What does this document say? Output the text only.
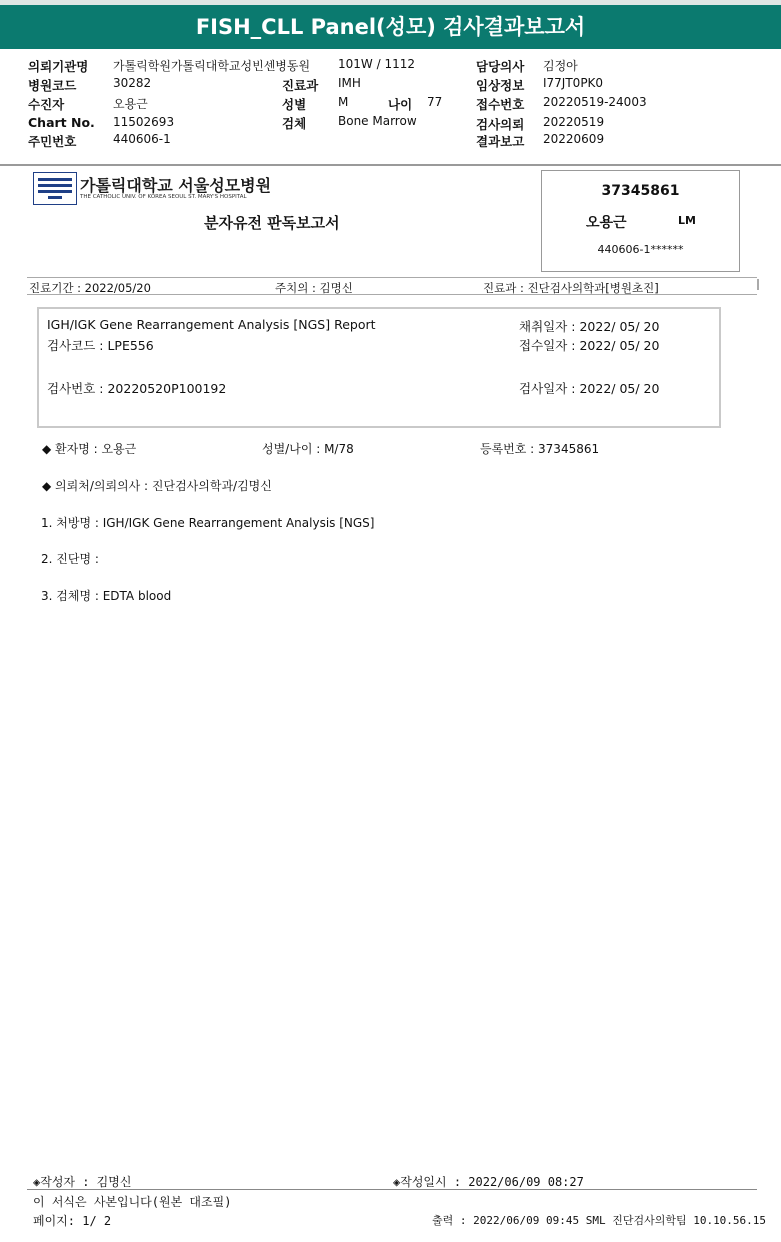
FISH_CLL Panel(성모) 검사결과보고서
의뢰기관명 가톨릭학원가톨릭대학교성빈센병동원 101W / 1112	담당의사 김정아
병원코드	30282	진료과 IMH	임상정보 I77JT0PK0
수진자	오용근	성별	M	나이 77	접수번호 20220519-24003
Chart No. 11502693	검체	Bone Marrow	검사의뢰 20220519
주민번호	440606-1	결과보고 20220609
가톨릭대학교 서울성모병원
THE CATHOLIC UNIV. OF KOREA SEOUL ST. MARY'S HOSPITAL
분자유전 판독보고서
37345861
오용근	LM
440606-1******
진료기간 : 2022/05/20	주치의 : 김명신	진료과 : 진단검사의학과[병원초진]
IGH/IGK Gene Rearrangement Analysis [NGS] Report	채취일자 : 2022/ 05/ 20
검사코드 : LPE556	접수일자 : 2022/ 05/ 20
검사번호 : 20220520P100192	검사일자 : 2022/ 05/ 20
◆ 환자명 : 오용근	성별/나이 : M/78	등록번호 : 37345861
◆ 의뢰처/의뢰의사 : 진단검사의학과/김명신
1. 처방명 : IGH/IGK Gene Rearrangement Analysis [NGS]
2. 진단명 :
3. 검체명 : EDTA blood
◈작성자 : 김명신	◈작성일시 : 2022/06/09 08:27
이 서식은 사본입니다(원본 대조필)
페이지: 1/ 2	출력 : 2022/06/09 09:45 SML 진단검사의학팀 10.10.56.15
